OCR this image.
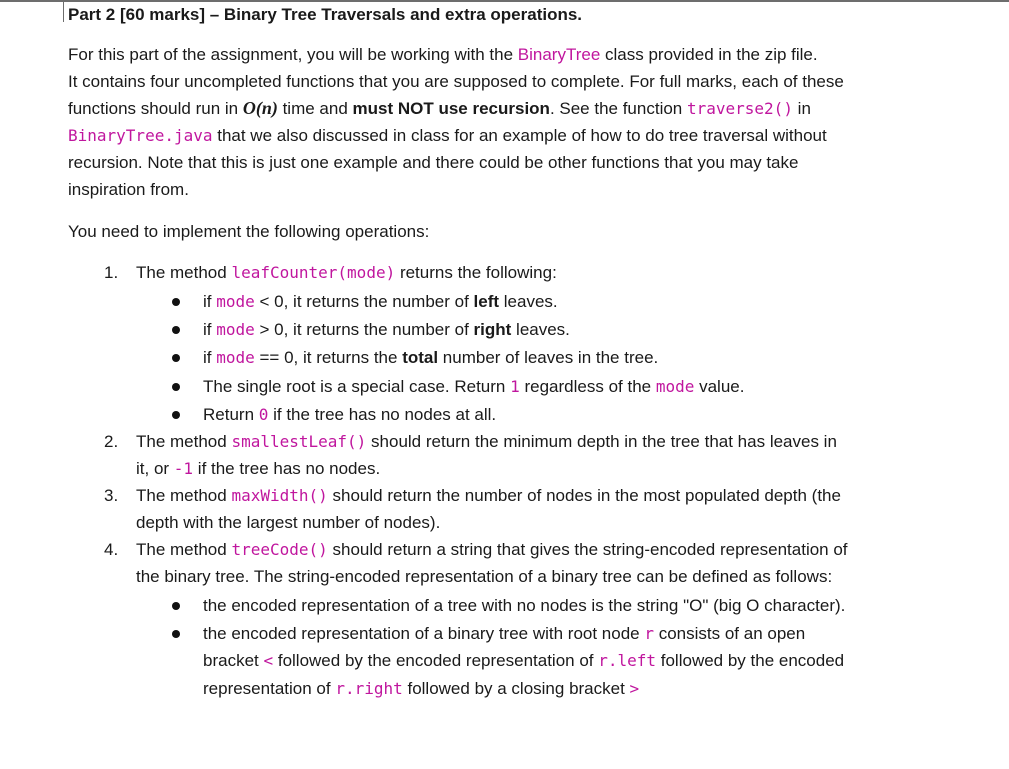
Part 2 [60 marks] – Binary Tree Traversals and extra operations.
For this part of the assignment, you will be working with the BinaryTree class provided in the zip file.
It contains four uncompleted functions that you are supposed to complete. For full marks, each of these
functions should run in O(n) time and must NOT use recursion. See the function traverse2() in
BinaryTree.java that we also discussed in class for an example of how to do tree traversal without
recursion. Note that this is just one example and there could be other functions that you may take
inspiration from.
You need to implement the following operations:
1. The method leafCounter(mode) returns the following:
if mode < 0, it returns the number of left leaves.
if mode > 0, it returns the number of right leaves.
if mode == 0, it returns the total number of leaves in the tree.
The single root is a special case. Return 1 regardless of the mode value.
Return 0 if the tree has no nodes at all.
2. The method smallestLeaf() should return the minimum depth in the tree that has leaves in
it, or -1 if the tree has no nodes.
3. The method maxWidth() should return the number of nodes in the most populated depth (the
depth with the largest number of nodes).
4. The method treeCode() should return a string that gives the string-encoded representation of
the binary tree. The string-encoded representation of a binary tree can be defined as follows:
the encoded representation of a tree with no nodes is the string "O" (big O character).
the encoded representation of a binary tree with root node r consists of an open
bracket < followed by the encoded representation of r.left followed by the encoded
representation of r.right followed by a closing bracket >
